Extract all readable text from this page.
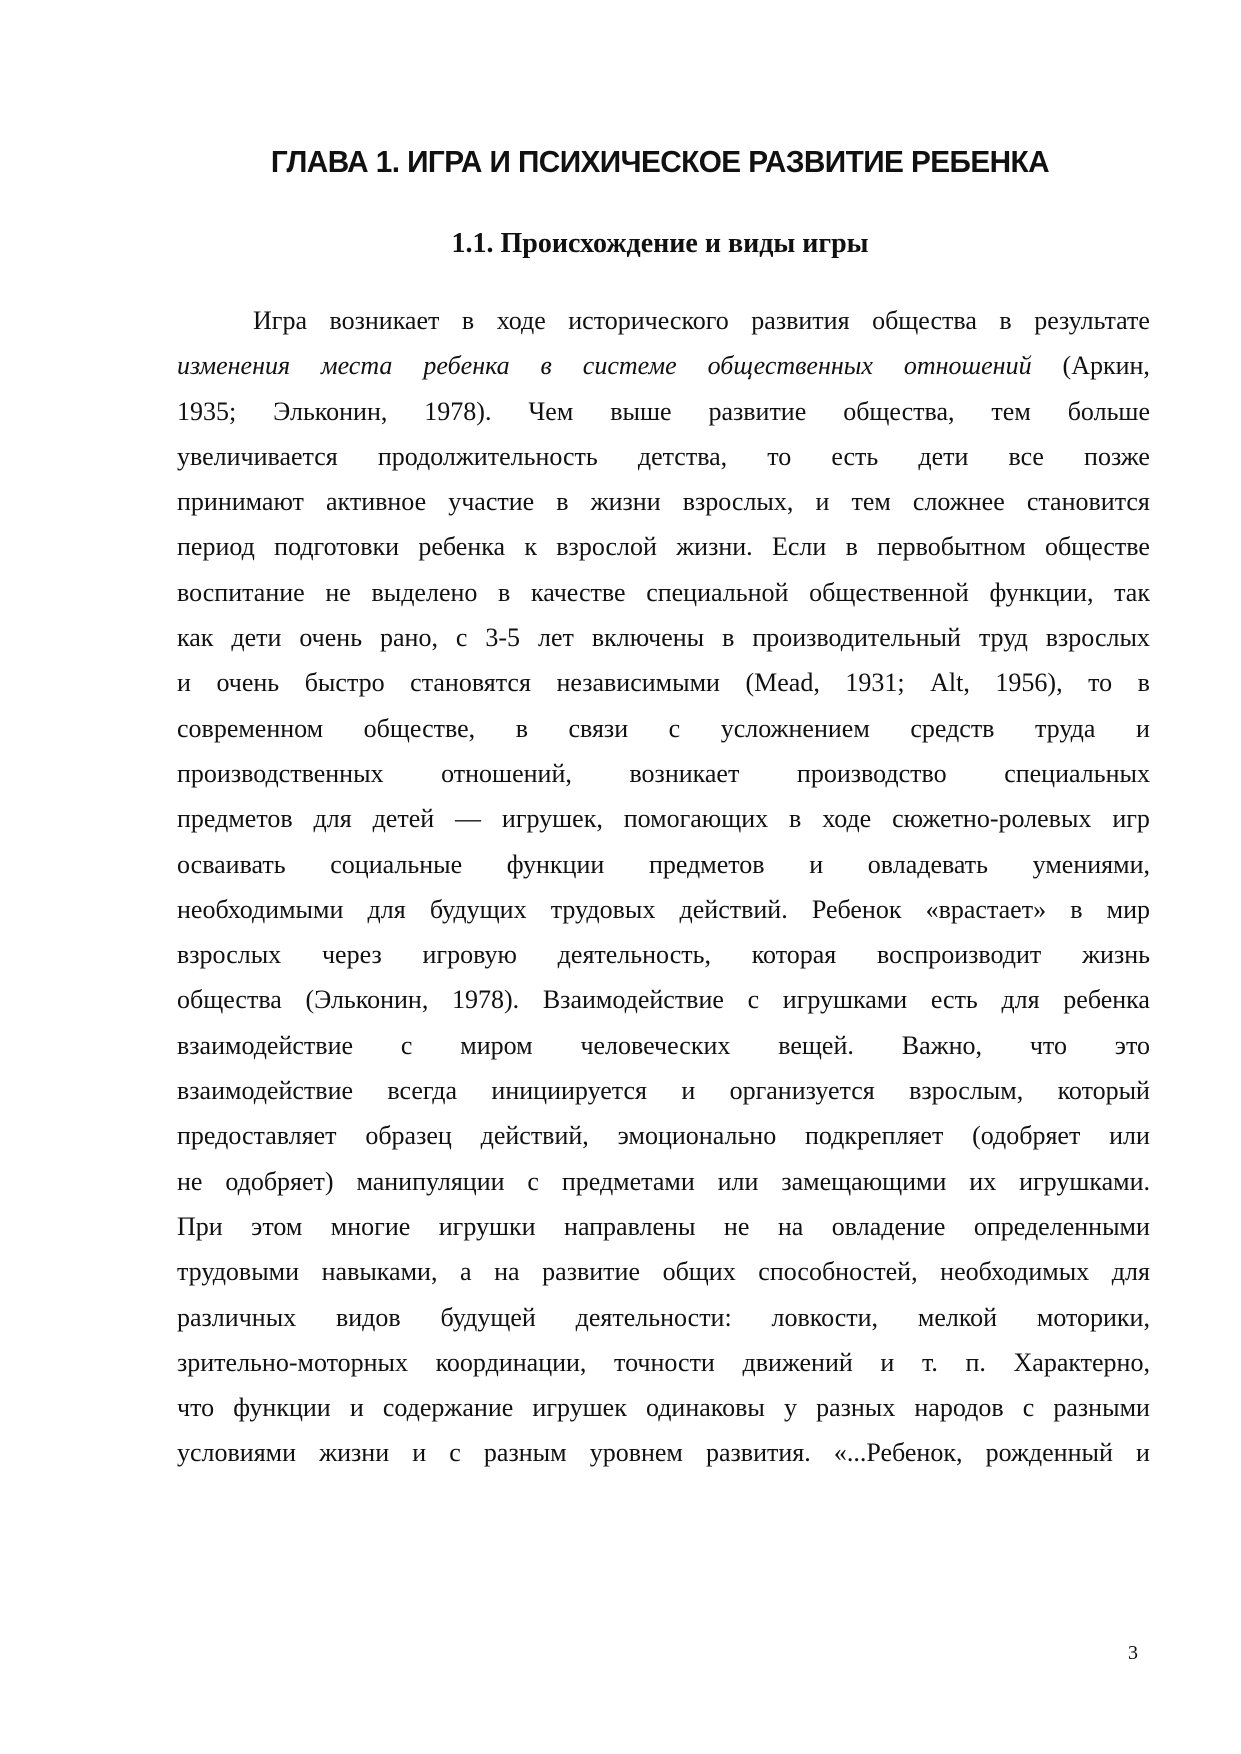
ГЛАВА 1. ИГРА И ПСИХИЧЕСКОЕ РАЗВИТИЕ РЕБЕНКА
1.1. Происхождение и виды игры
Игра возникает в ходе исторического развития общества в результате
изменения места ребенка в системе общественных отношений (Аркин,
1935; Эльконин, 1978). Чем выше развитие общества, тем больше
увеличивается продолжительность детства, то есть дети все позже
принимают активное участие в жизни взрослых, и тем сложнее становится
период подготовки ребенка к взрослой жизни. Если в первобытном обществе
воспитание не выделено в качестве специальной общественной функции, так
как дети очень рано, с 3-5 лет включены в производительный труд взрослых
и очень быстро становятся независимыми (Mead, 1931; Alt, 1956), то в
современном обществе, в связи с усложнением средств труда и
производственных отношений, возникает производство специальных
предметов для детей — игрушек, помогающих в ходе сюжетно-ролевых игр
осваивать социальные функции предметов и овладевать умениями,
необходимыми для будущих трудовых действий. Ребенок «врастает» в мир
взрослых через игровую деятельность, которая воспроизводит жизнь
общества (Эльконин, 1978). Взаимодействие с игрушками есть для ребенка
взаимодействие с миром человеческих вещей. Важно, что это
взаимодействие всегда инициируется и организуется взрослым, который
предоставляет образец действий, эмоционально подкрепляет (одобряет или
не одобряет) манипуляции с предметами или замещающими их игрушками.
При этом многие игрушки направлены не на овладение определенными
трудовыми навыками, а на развитие общих способностей, необходимых для
различных видов будущей деятельности: ловкости, мелкой моторики,
зрительно-моторных координации, точности движений и т. п. Характерно,
что функции и содержание игрушек одинаковы у разных народов с разными
условиями жизни и с разным уровнем развития. «...Ребенок, рожденный и
3
